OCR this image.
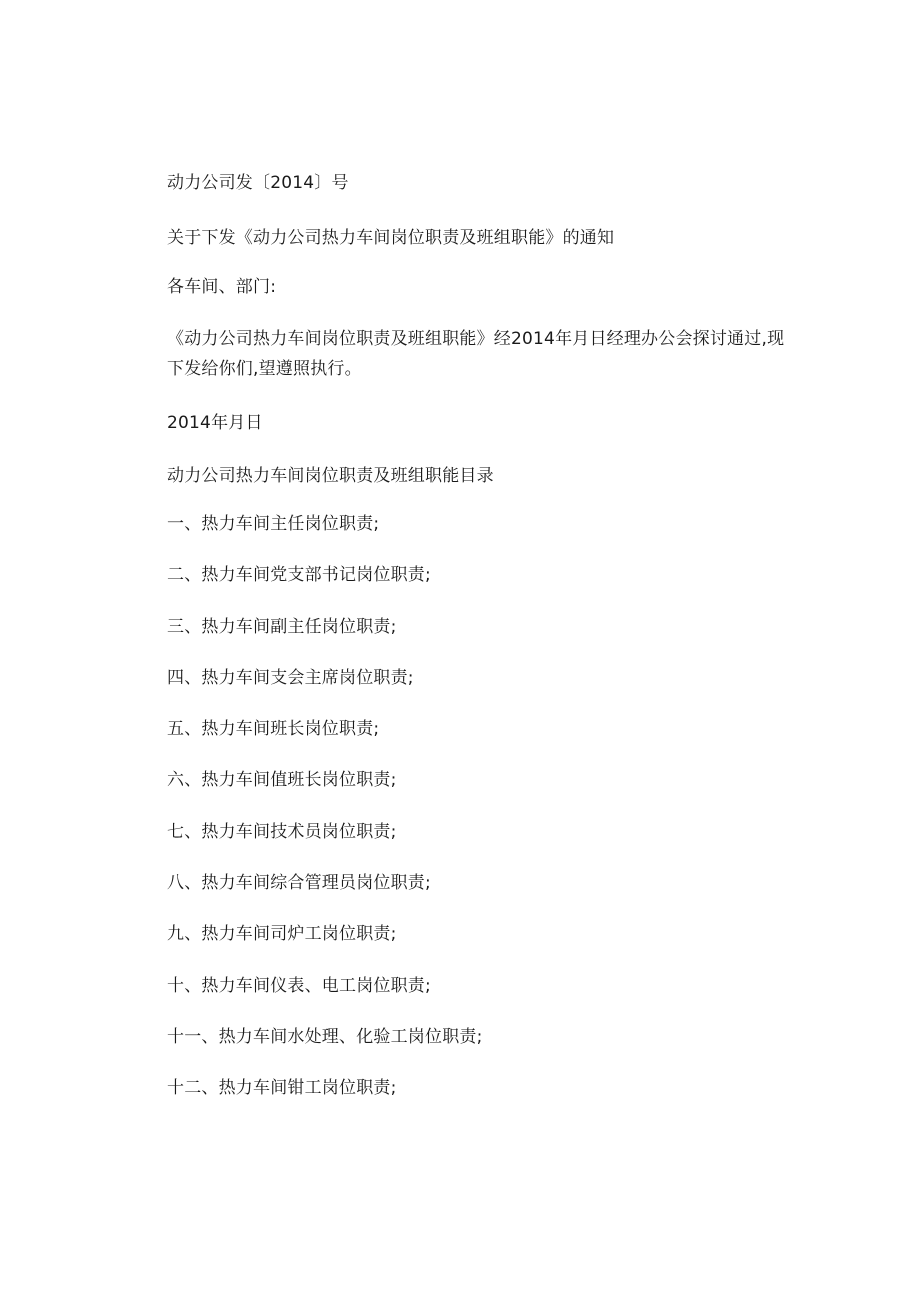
动力公司发〔2014〕号
关于下发《动力公司热力车间岗位职责及班组职能》的通知
各车间、部门:
《动力公司热力车间岗位职责及班组职能》经2014年月日经理办公会探讨通过,现
下发给你们,望遵照执行。
2014年月日
动力公司热力车间岗位职责及班组职能目录
一、热力车间主任岗位职责;
二、热力车间党支部书记岗位职责;
三、热力车间副主任岗位职责;
四、热力车间支会主席岗位职责;
五、热力车间班长岗位职责;
六、热力车间值班长岗位职责;
七、热力车间技术员岗位职责;
八、热力车间综合管理员岗位职责;
九、热力车间司炉工岗位职责;
十、热力车间仪表、电工岗位职责;
十一、热力车间水处理、化验工岗位职责;
十二、热力车间钳工岗位职责;
